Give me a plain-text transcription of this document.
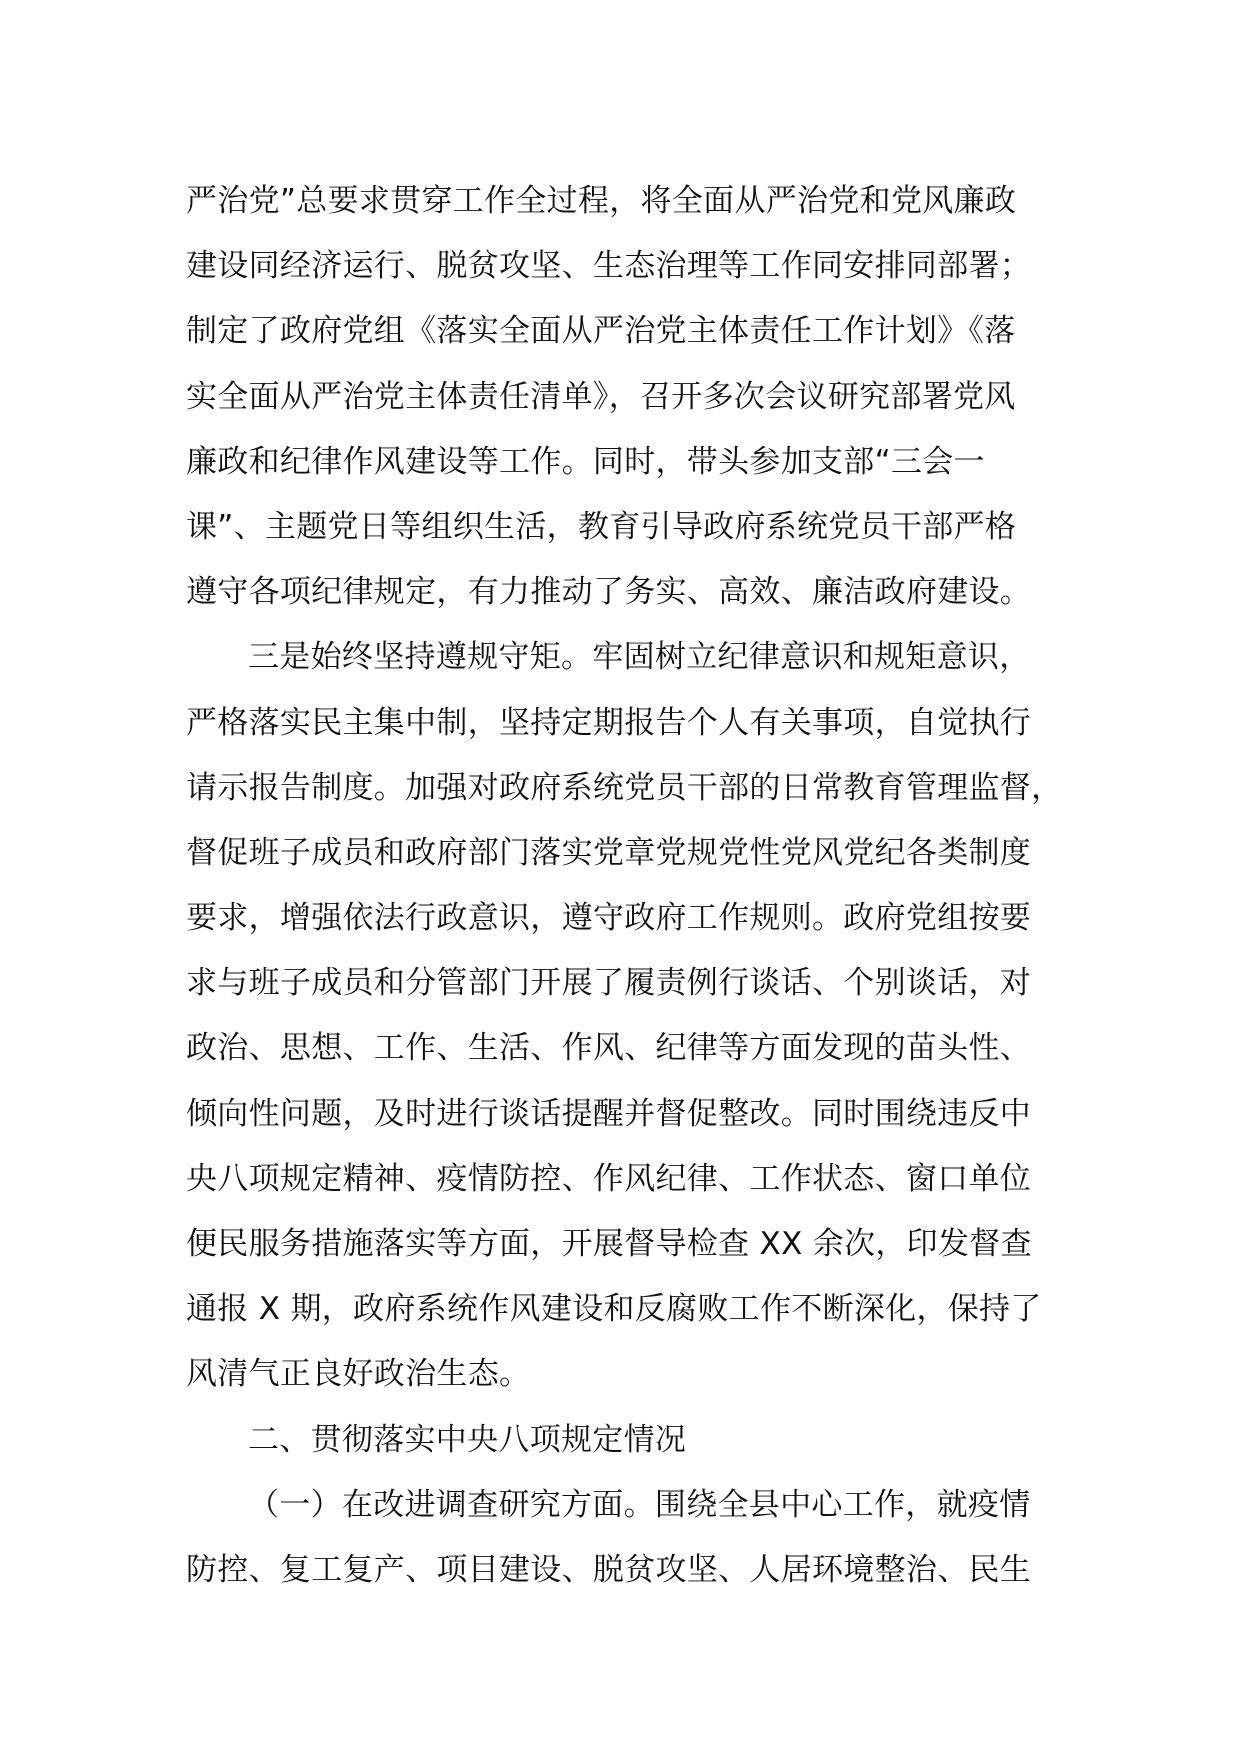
严治党”总要求贯穿工作全过程，将全面从严治党和党风廉政
建设同经济运行、脱贫攻坚、生态治理等工作同安排同部署；
制定了政府党组《落实全面从严治党主体责任工作计划》《落
实全面从严治党主体责任清单》，召开多次会议研究部署党风
廉政和纪律作风建设等工作。同时，带头参加支部“三会一
课”、主题党日等组织生活，教育引导政府系统党员干部严格
遵守各项纪律规定，有力推动了务实、高效、廉洁政府建设。
三是始终坚持遵规守矩。牢固树立纪律意识和规矩意识，
严格落实民主集中制，坚持定期报告个人有关事项，自觉执行
请示报告制度。加强对政府系统党员干部的日常教育管理监督，
督促班子成员和政府部门落实党章党规党性党风党纪各类制度
要求，增强依法行政意识，遵守政府工作规则。政府党组按要
求与班子成员和分管部门开展了履责例行谈话、个别谈话，对
政治、思想、工作、生活、作风、纪律等方面发现的苗头性、
倾向性问题，及时进行谈话提醒并督促整改。同时围绕违反中
央八项规定精神、疫情防控、作风纪律、工作状态、窗口单位
便民服务措施落实等方面，开展督导检查 XX 余次，印发督查
通报 X 期，政府系统作风建设和反腐败工作不断深化，保持了
风清气正良好政治生态。
二、贯彻落实中央八项规定情况
（一）在改进调查研究方面。围绕全县中心工作，就疫情
防控、复工复产、项目建设、脱贫攻坚、人居环境整治、民生
